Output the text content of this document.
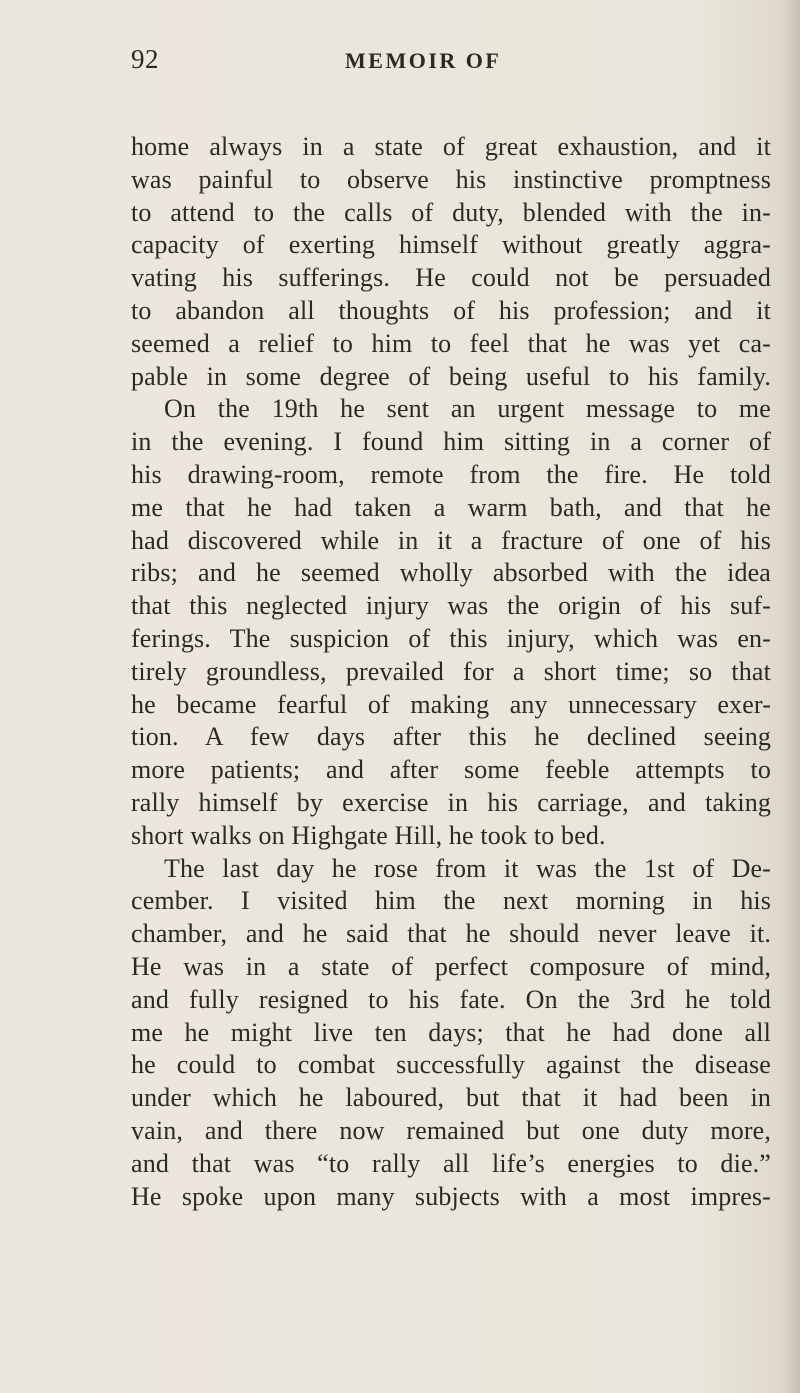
92	MEMOIR OF
home always in a state of great exhaustion, and it
was painful to observe his instinctive promptness
to attend to the calls of duty, blended with the in-
capacity of exerting himself without greatly aggra-
vating his sufferings. He could not be persuaded
to abandon all thoughts of his profession; and it
seemed a relief to him to feel that he was yet ca-
pable in some degree of being useful to his family.
On the 19th he sent an urgent message to me
in the evening. I found him sitting in a corner of
his drawing-room, remote from the fire. He told
me that he had taken a warm bath, and that he
had discovered while in it a fracture of one of his
ribs; and he seemed wholly absorbed with the idea
that this neglected injury was the origin of his suf-
ferings. The suspicion of this injury, which was en-
tirely groundless, prevailed for a short time; so that
he became fearful of making any unnecessary exer-
tion. A few days after this he declined seeing
more patients; and after some feeble attempts to
rally himself by exercise in his carriage, and taking
short walks on Highgate Hill, he took to bed.
The last day he rose from it was the 1st of De-
cember. I visited him the next morning in his
chamber, and he said that he should never leave it.
He was in a state of perfect composure of mind,
and fully resigned to his fate. On the 3rd he told
me he might live ten days; that he had done all
he could to combat successfully against the disease
under which he laboured, but that it had been in
vain, and there now remained but one duty more,
and that was “to rally all life’s energies to die.”
He spoke upon many subjects with a most impres-
